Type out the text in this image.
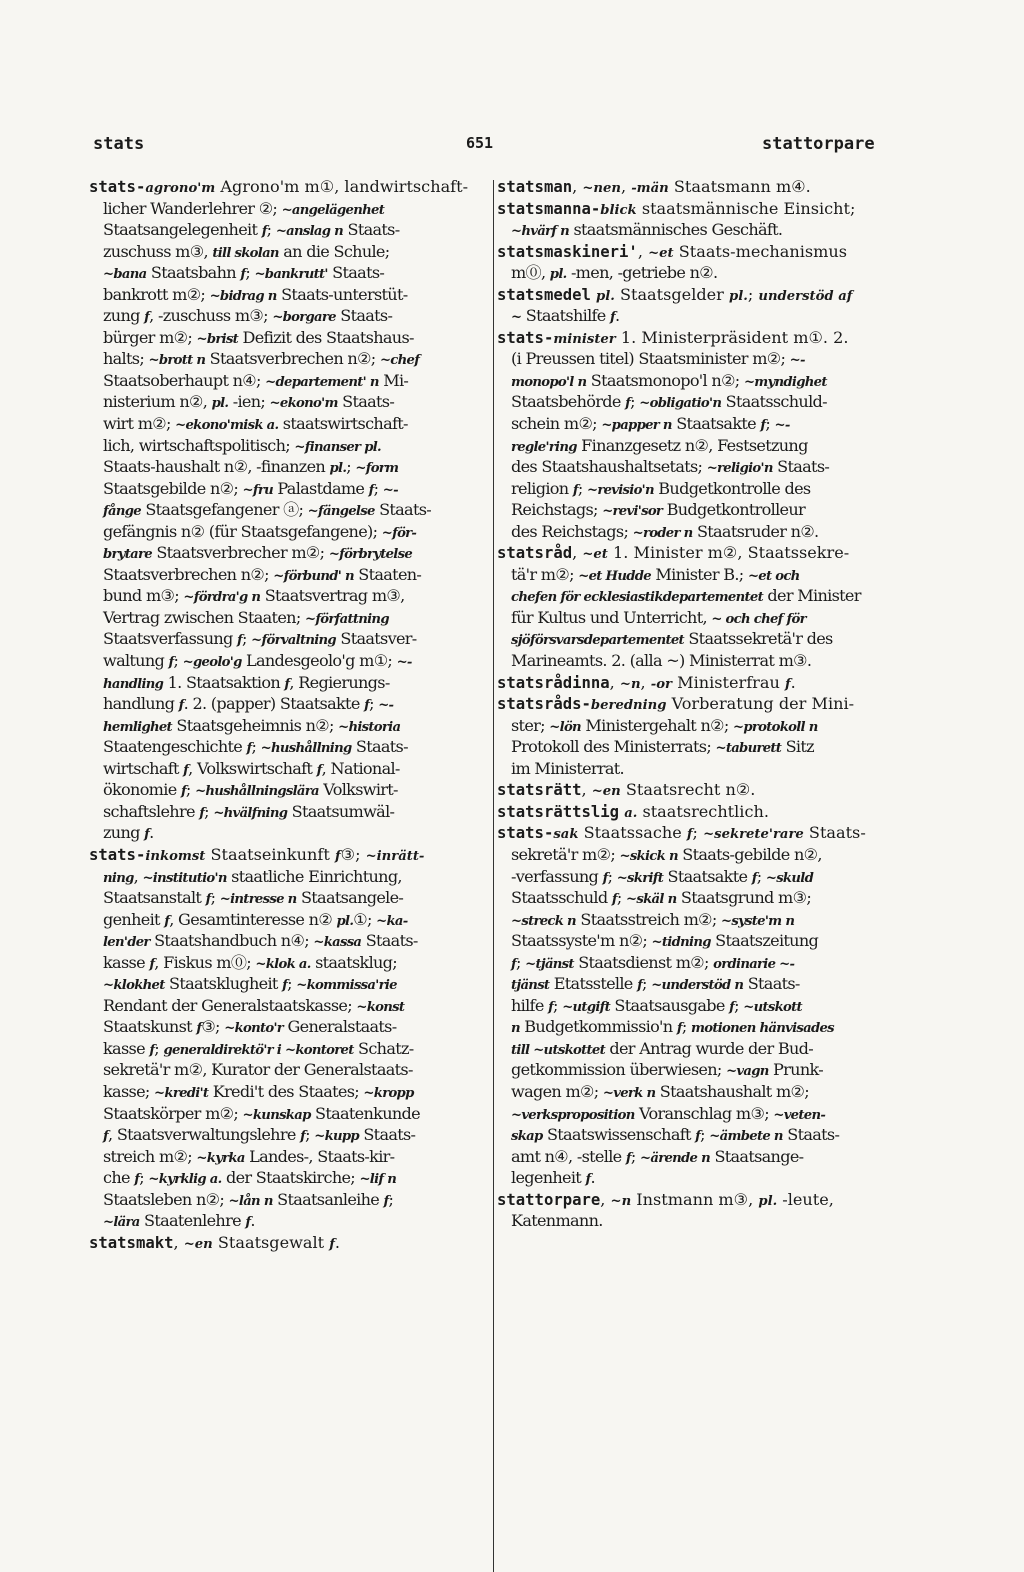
stats	651	stattorpare
stats-agrono'm Agrono'm m①, landwirtschaft-
licher Wanderlehrer ②; ~angelägenhet
Staatsangelegenheit f; ~anslag n Staats-
zuschuss m③, till skolan an die Schule;
~bana Staatsbahn f; ~bankrutt' Staats-
bankrott m②; ~bidrag n Staats-unterstüt-
zung f, -zuschuss m③; ~borgare Staats-
bürger m②; ~brist Defizit des Staatshaus-
halts; ~brott n Staatsverbrechen n②; ~chef
Staatsoberhaupt n④; ~departement' n Mi-
nisterium n②, pl. -ien; ~ekono'm Staats-
wirt m②; ~ekono'misk a. staatswirtschaft-
lich, wirtschaftspolitisch; ~finanser pl.
Staats-haushalt n②, -finanzen pl.; ~form
Staatsgebilde n②; ~fru Palastdame f; ~-
fånge Staatsgefangener ⓐ; ~fängelse Staats-
gefängnis n② (für Staatsgefangene); ~för-
brytare Staatsverbrecher m②; ~förbrytelse
Staatsverbrechen n②; ~förbund' n Staaten-
bund m③; ~fördra'g n Staatsvertrag m③,
Vertrag zwischen Staaten; ~författning
Staatsverfassung f; ~förvaltning Staatsver-
waltung f; ~geolo'g Landesgeolo'g m①; ~-
handling 1. Staatsaktion f, Regierungs-
handlung f. 2. (papper) Staatsakte f; ~-
hemlighet Staatsgeheimnis n②; ~historia
Staatengeschichte f; ~hushållning Staats-
wirtschaft f, Volkswirtschaft f, National-
ökonomie f; ~hushållningslära Volkswirt-
schaftslehre f; ~hvälfning Staatsumwäl-
zung f.
stats-inkomst Staatseinkunft f③; ~inrätt-
ning, ~institutio'n staatliche Einrichtung,
Staatsanstalt f; ~intresse n Staatsangele-
genheit f, Gesamtinteresse n② pl.①; ~ka-
len'der Staatshandbuch n④; ~kassa Staats-
kasse f, Fiskus m⓪; ~klok a. staatsklug;
~klokhet Staatsklugheit f; ~kommissa'rie
Rendant der Generalstaatskasse; ~konst
Staatskunst f③; ~konto'r Generalstaats-
kasse f; generaldirektö'r i ~kontoret Schatz-
sekretä'r m②, Kurator der Generalstaats-
kasse; ~kredi't Kredi't des Staates; ~kropp
Staatskörper m②; ~kunskap Staatenkunde
f, Staatsverwaltungslehre f; ~kupp Staats-
streich m②; ~kyrka Landes-, Staats-kir-
che f; ~kyrklig a. der Staatskirche; ~lif n
Staatsleben n②; ~lån n Staatsanleihe f;
~lära Staatenlehre f.
statsmakt, ~en Staatsgewalt f.
statsman, ~nen, -män Staatsmann m④.
statsmanna-blick staatsmännische Einsicht;
~hvärf n staatsmännisches Geschäft.
statsmaskineri', ~et Staats-mechanismus
m⓪, pl. -men, -getriebe n②.
statsmedel pl. Staatsgelder pl.; understöd af
~ Staatshilfe f.
stats-minister 1. Ministerpräsident m①. 2.
(i Preussen titel) Staatsminister m②; ~-
monopo'l n Staatsmonopo'l n②; ~myndighet
Staatsbehörde f; ~obligatio'n Staatsschuld-
schein m②; ~papper n Staatsakte f; ~-
regle'ring Finanzgesetz n②, Festsetzung
des Staatshaushaltsetats; ~religio'n Staats-
religion f; ~revisio'n Budgetkontrolle des
Reichstags; ~revi'sor Budgetkontrolleur
des Reichstags; ~roder n Staatsruder n②.
statsråd, ~et 1. Minister m②, Staatssekre-
tä'r m②; ~et Hudde Minister B.; ~et och
chefen för ecklesiastikdepartementet der Minister
für Kultus und Unterricht, ~ och chef för
sjöförsvarsdepartementet Staatssekretä'r des
Marineamts. 2. (alla ~) Ministerrat m③.
statsrådinna, ~n, -or Ministerfrau f.
statsråds-beredning Vorberatung der Mini-
ster; ~lön Ministergehalt n②; ~protokoll n
Protokoll des Ministerrats; ~taburett Sitz
im Ministerrat.
statsrätt, ~en Staatsrecht n②.
statsrättslig a. staatsrechtlich.
stats-sak Staatssache f; ~sekrete'rare Staats-
sekretä'r m②; ~skick n Staats-gebilde n②,
-verfassung f; ~skrift Staatsakte f; ~skuld
Staatsschuld f; ~skäl n Staatsgrund m③;
~streck n Staatsstreich m②; ~syste'm n
Staatssyste'm n②; ~tidning Staatszeitung
f; ~tjänst Staatsdienst m②; ordinarie ~-
tjänst Etatsstelle f; ~understöd n Staats-
hilfe f; ~utgift Staatsausgabe f; ~utskott
n Budgetkommissio'n f; motionen hänvisades
till ~utskottet der Antrag wurde der Bud-
getkommission überwiesen; ~vagn Prunk-
wagen m②; ~verk n Staatshaushalt m②;
~verksproposition Voranschlag m③; ~veten-
skap Staatswissenschaft f; ~ämbete n Staats-
amt n④, -stelle f; ~ärende n Staatsange-
legenheit f.
stattorpare, ~n Instmann m③, pl. -leute,
Katenmann.
